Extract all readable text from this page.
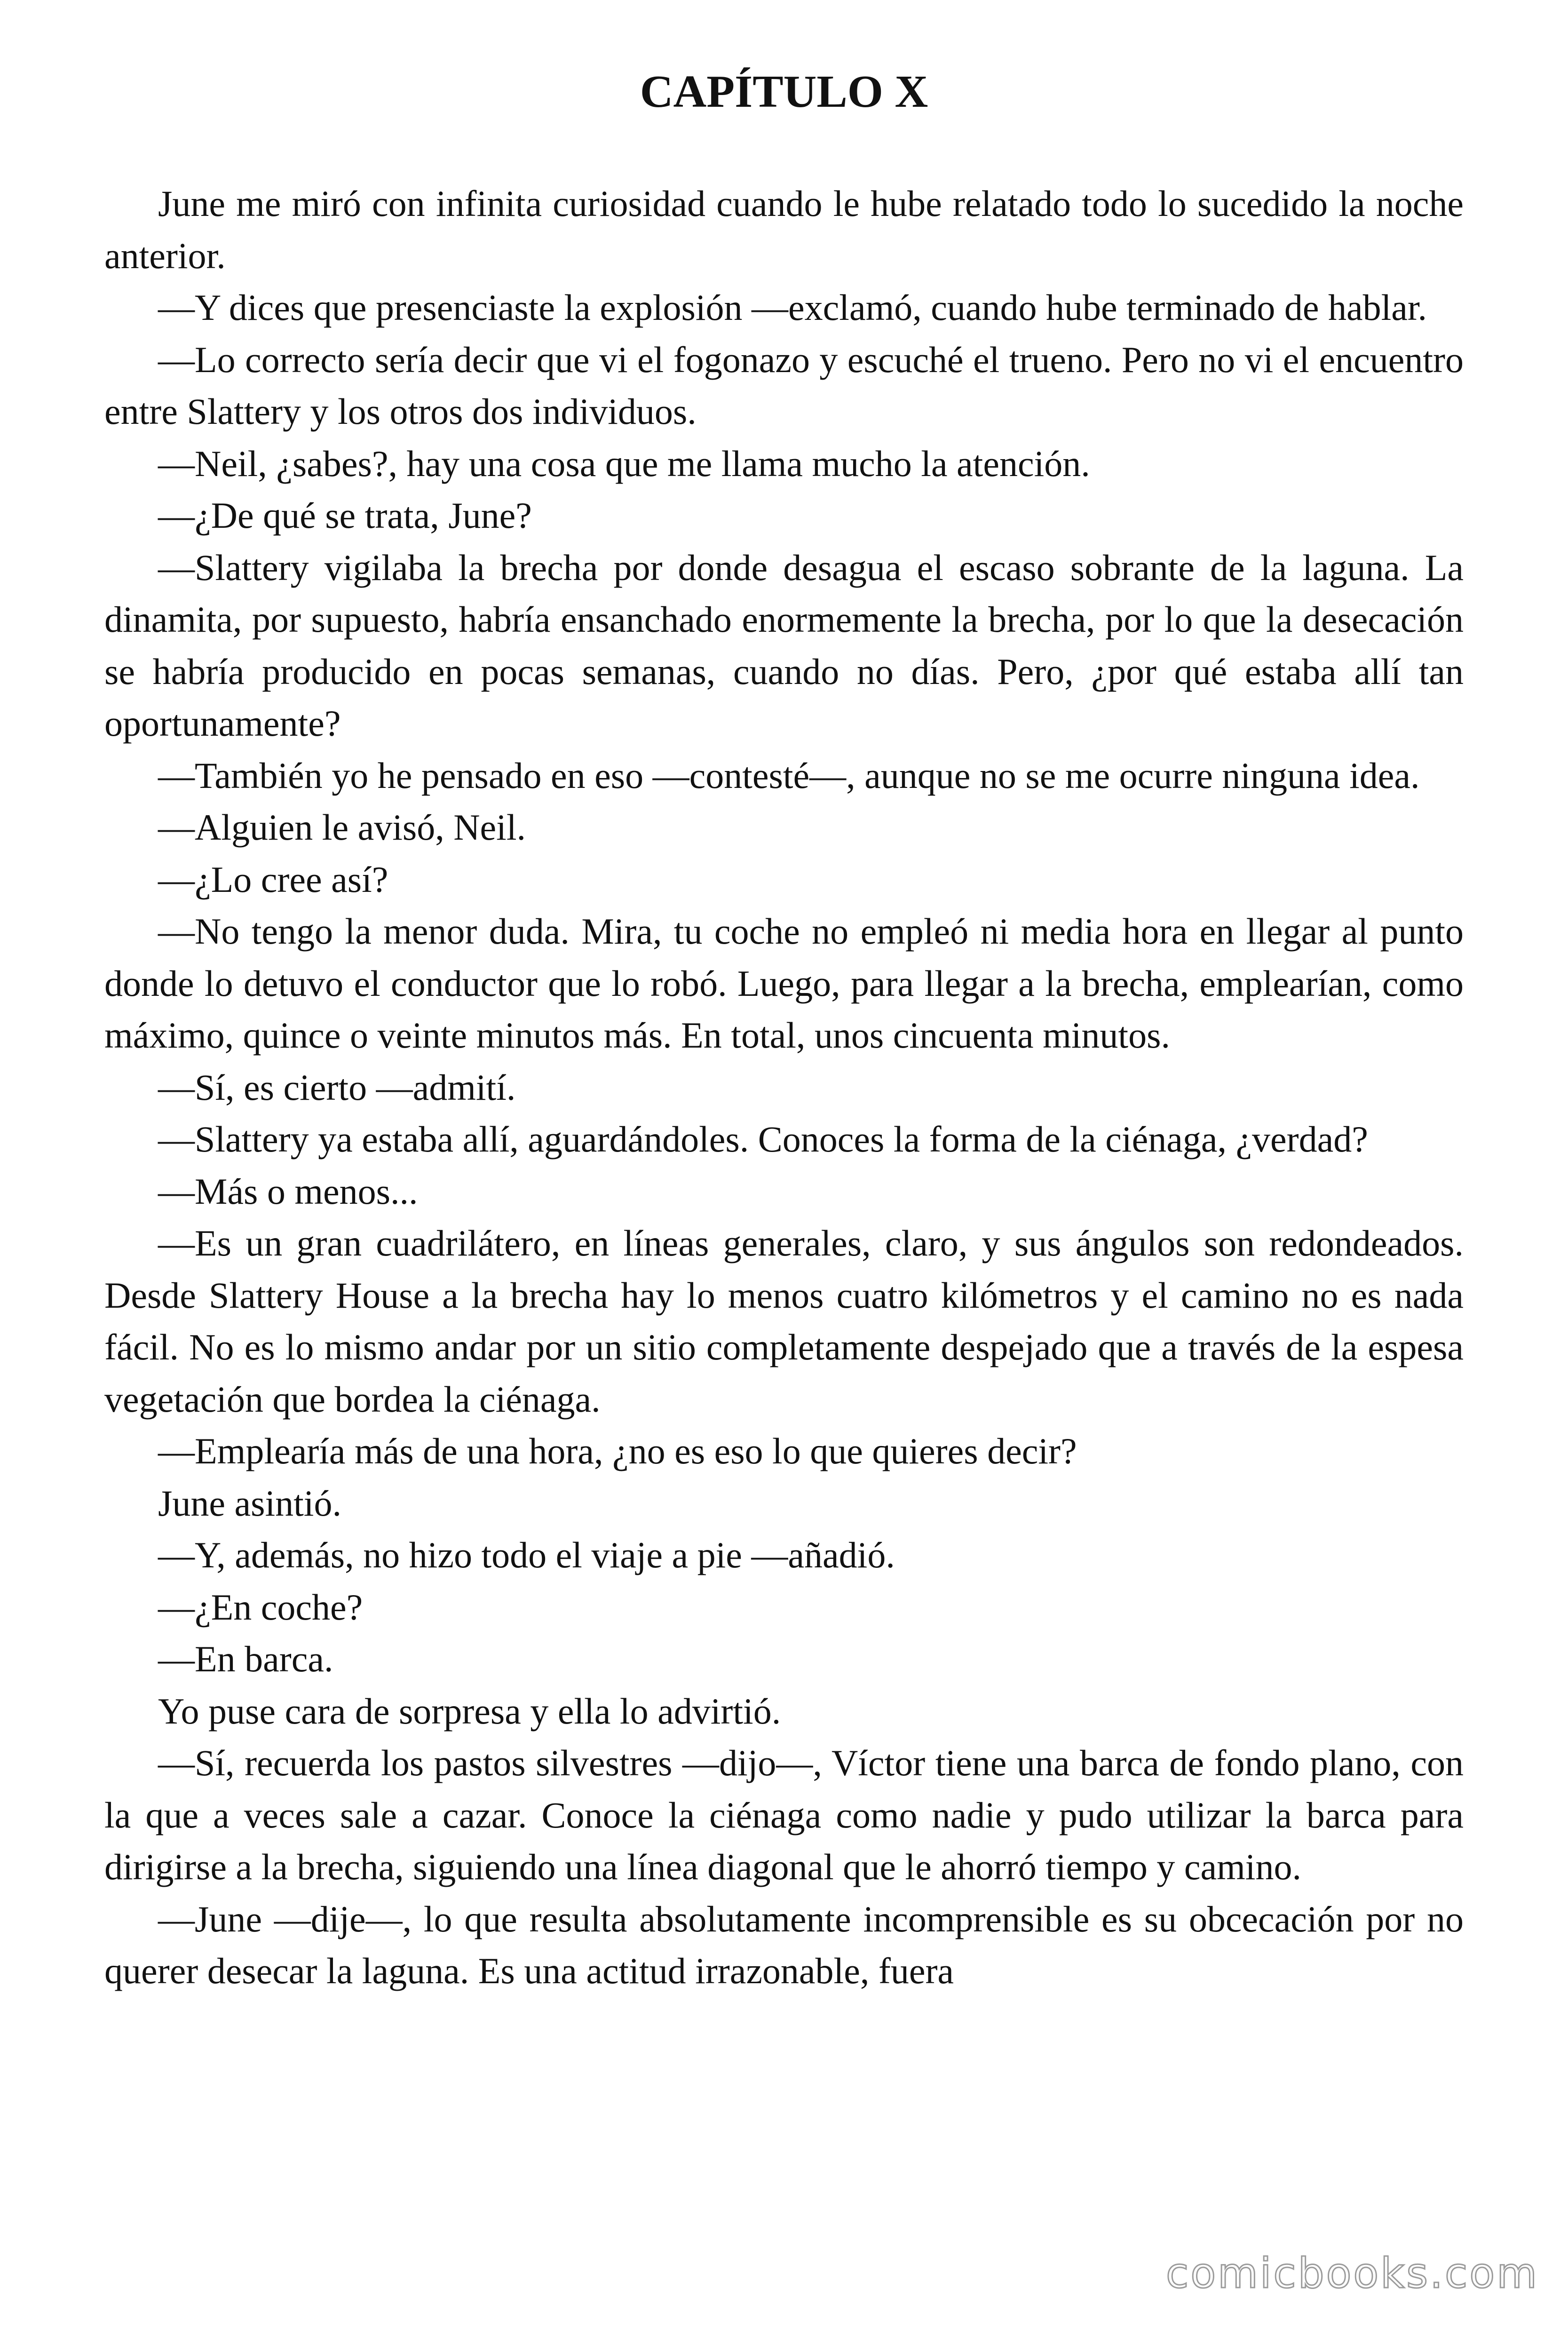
CAPÍTULO X

June me miró con infinita curiosidad cuando le hube relatado todo lo sucedido la noche anterior.

—Y dices que presenciaste la explosión —exclamó, cuando hube terminado de hablar.

—Lo correcto sería decir que vi el fogonazo y escuché el trueno. Pero no vi el encuentro entre Slattery y los otros dos individuos.

—Neil, ¿sabes?, hay una cosa que me llama mucho la atención.

—¿De qué se trata, June?

—Slattery vigilaba la brecha por donde desagua el escaso sobrante de la laguna. La dinamita, por supuesto, habría ensanchado enormemente la brecha, por lo que la desecación se habría producido en pocas semanas, cuando no días. Pero, ¿por qué estaba allí tan oportunamente?

—También yo he pensado en eso —contesté—, aunque no se me ocurre ninguna idea.

—Alguien le avisó, Neil.

—¿Lo cree así?

—No tengo la menor duda. Mira, tu coche no empleó ni media hora en llegar al punto donde lo detuvo el conductor que lo robó. Luego, para llegar a la brecha, emplearían, como máximo, quince o veinte minutos más. En total, unos cincuenta minutos.

—Sí, es cierto —admití.

—Slattery ya estaba allí, aguardándoles. Conoces la forma de la ciénaga, ¿verdad?

—Más o menos...

—Es un gran cuadrilátero, en líneas generales, claro, y sus ángulos son redondeados. Desde Slattery House a la brecha hay lo menos cuatro kilómetros y el camino no es nada fácil. No es lo mismo andar por un sitio completamente despejado que a través de la espesa vegetación que bordea la ciénaga.

—Emplearía más de una hora, ¿no es eso lo que quieres decir?

June asintió.

—Y, además, no hizo todo el viaje a pie —añadió.

—¿En coche?

—En barca.

Yo puse cara de sorpresa y ella lo advirtió.

—Sí, recuerda los pastos silvestres —dijo—, Víctor tiene una barca de fondo plano, con la que a veces sale a cazar. Conoce la ciénaga como nadie y pudo utilizar la barca para dirigirse a la brecha, siguiendo una línea diagonal que le ahorró tiempo y camino.

—June —dije—, lo que resulta absolutamente incomprensible es su obcecación por no querer desecar la laguna. Es una actitud irrazonable, fuera

comicbooks.com
